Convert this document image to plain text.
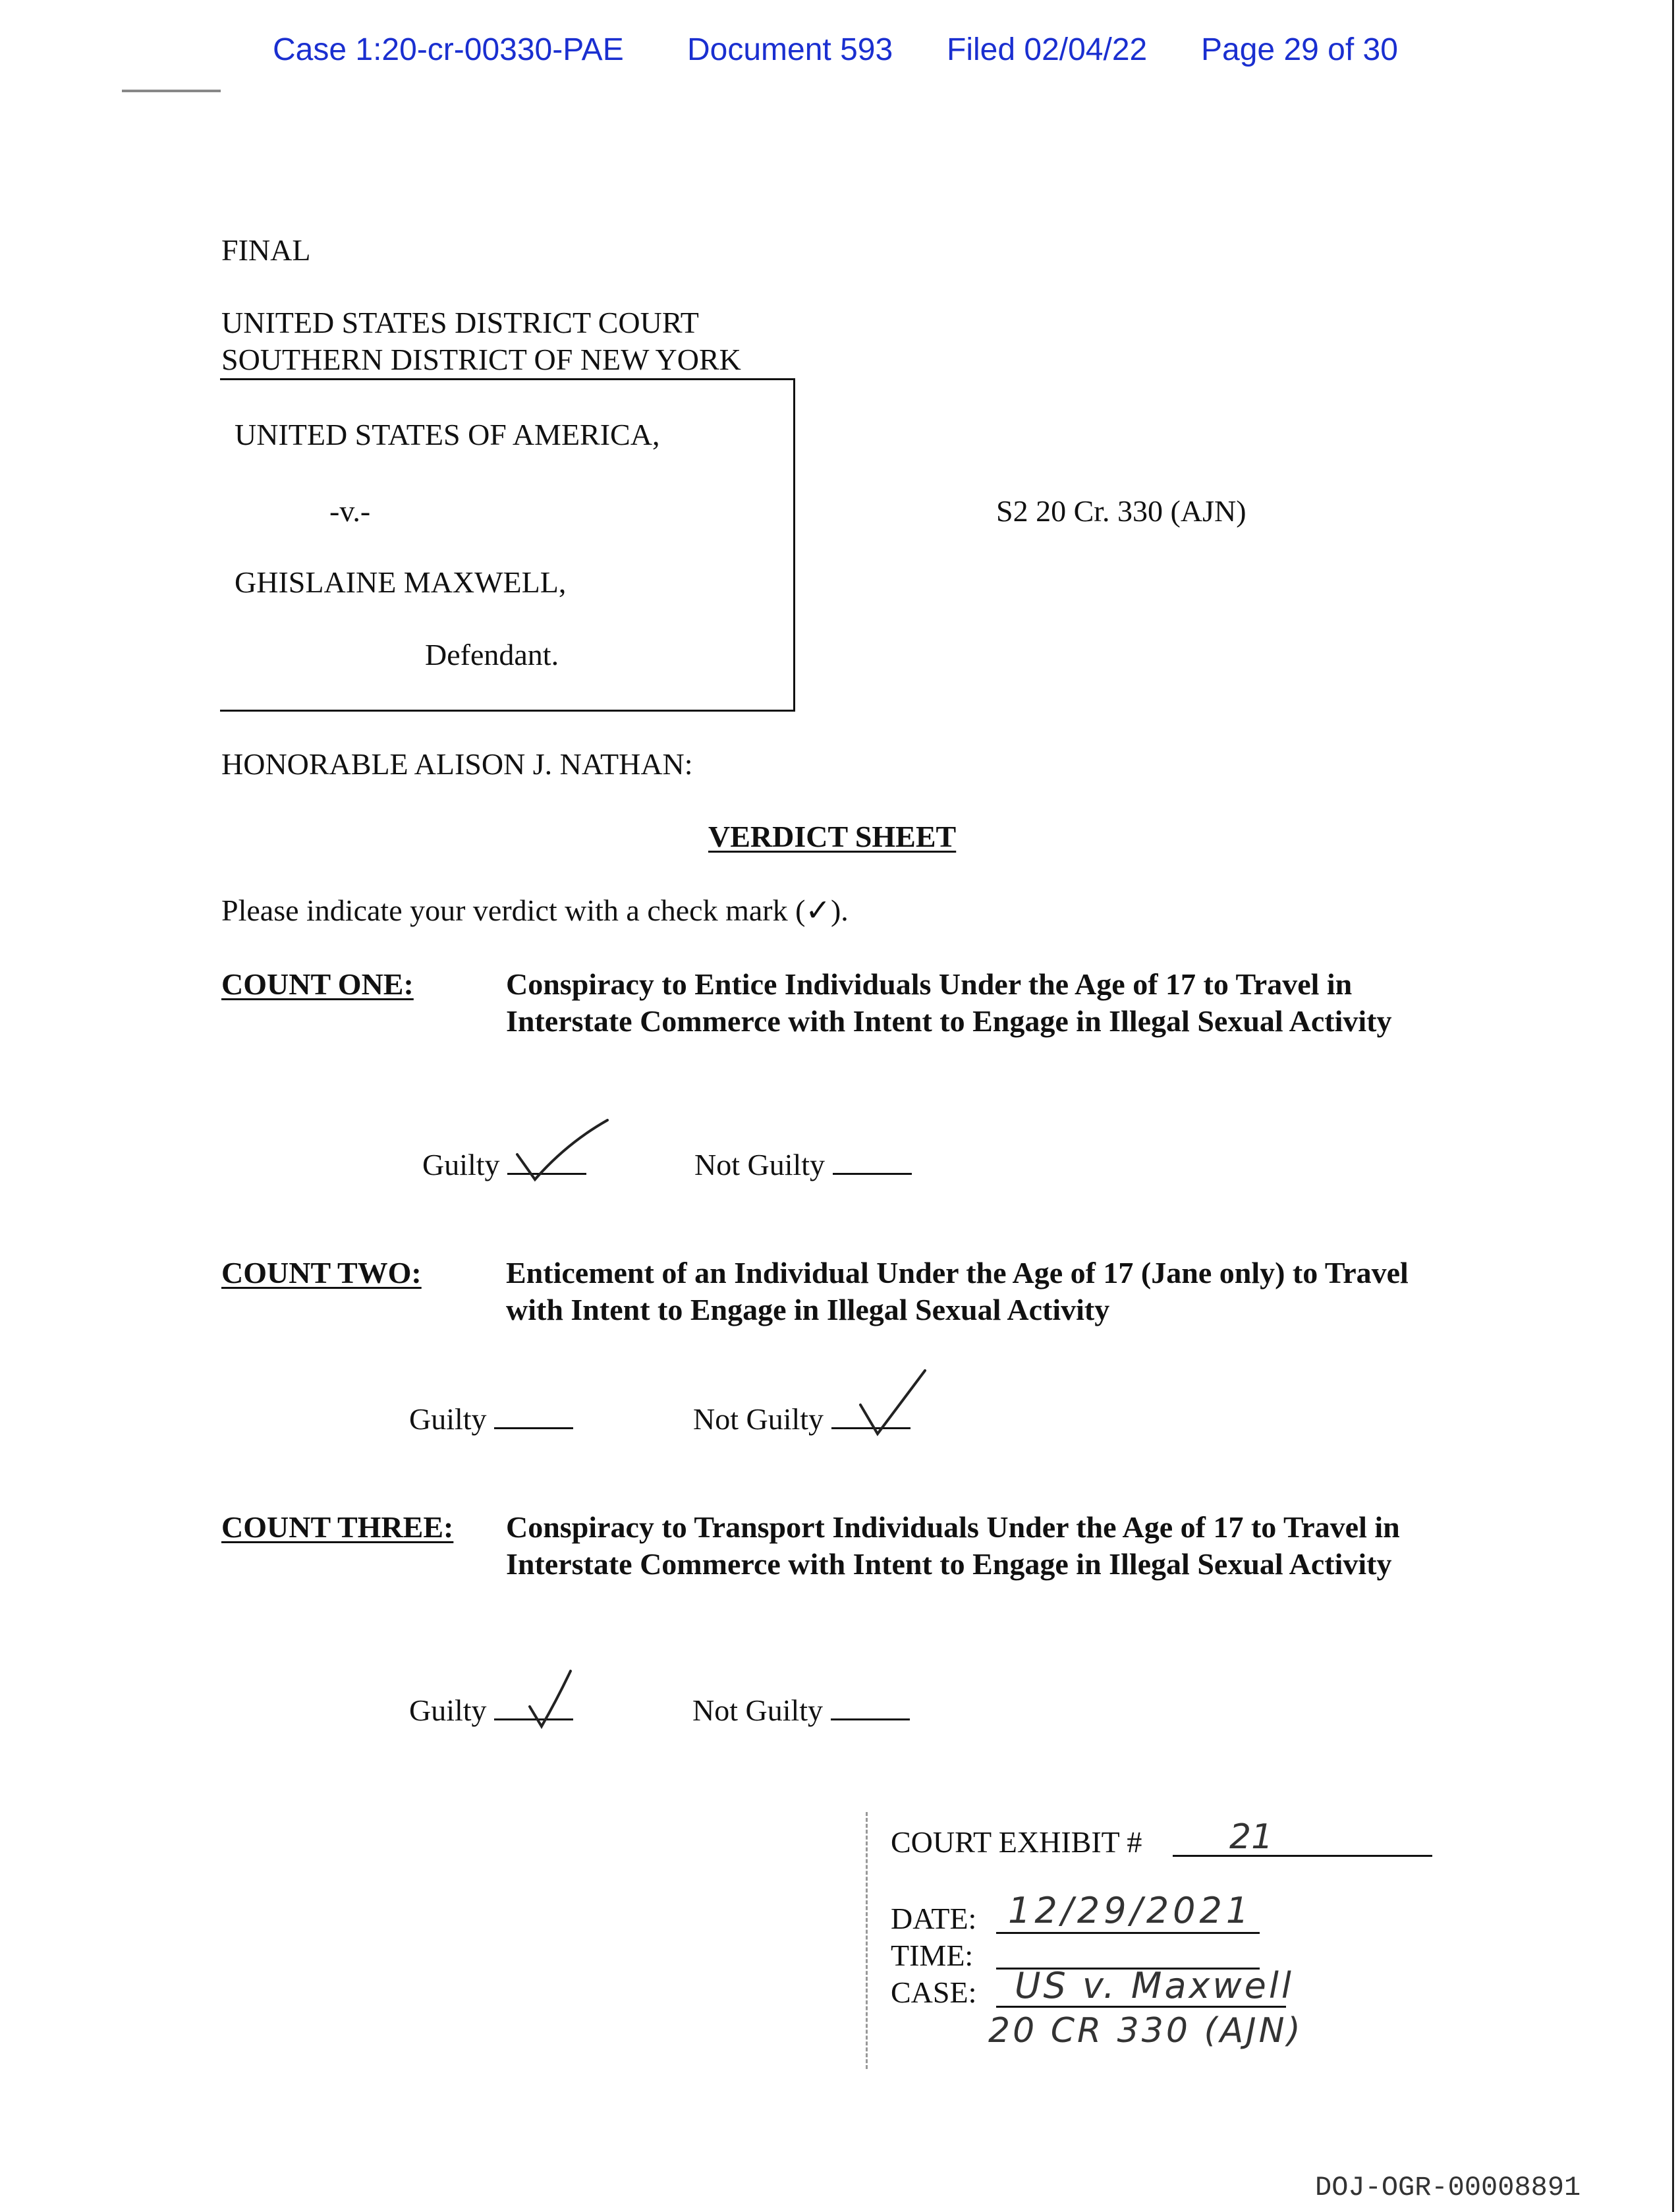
Case 1:20-cr-00330-PAE Document 593 Filed 02/04/22 Page 29 of 30
FINAL
UNITED STATES DISTRICT COURT
SOUTHERN DISTRICT OF NEW YORK
UNITED STATES OF AMERICA,
-v.-
GHISLAINE MAXWELL,
Defendant.
S2 20 Cr. 330 (AJN)
HONORABLE ALISON J. NATHAN:
VERDICT SHEET
Please indicate your verdict with a check mark (✓).
COUNT ONE:	Conspiracy to Entice Individuals Under the Age of 17 to Travel in
Interstate Commerce with Intent to Engage in Illegal Sexual Activity
Guilty	Not Guilty
COUNT TWO:	Enticement of an Individual Under the Age of 17 (Jane only) to Travel
with Intent to Engage in Illegal Sexual Activity
Guilty	Not Guilty
COUNT THREE: Conspiracy to Transport Individuals Under the Age of 17 to Travel in
Interstate Commerce with Intent to Engage in Illegal Sexual Activity
Guilty	Not Guilty
COURT EXHIBIT #	21
DATE: 12/29/2021
TIME:
CASE: US v. Maxwell
20 CR 330 (AJN)
DOJ-OGR-00008891
